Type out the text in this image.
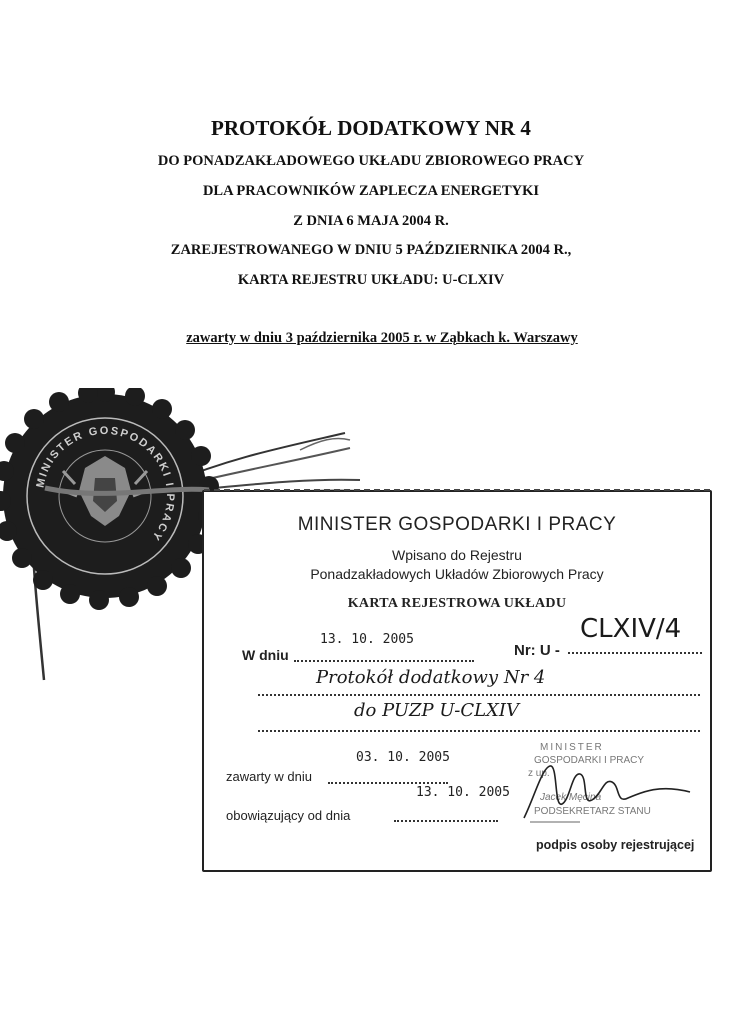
PROTOKÓŁ DODATKOWY NR 4
DO PONADZAKŁADOWEGO UKŁADU ZBIOROWEGO PRACY
DLA PRACOWNIKÓW ZAPLECZA ENERGETYKI
Z DNIA 6 MAJA 2004 R.
ZAREJESTROWANEGO W DNIU 5 PAŹDZIERNIKA 2004 R.,
KARTA REJESTRU UKŁADU: U-CLXIV
zawarty w dniu 3 października 2005 r. w Ząbkach k. Warszawy
MINISTER GOSPODARKI I PRACY
MINISTER GOSPODARKI I PRACY
Wpisano do Rejestru
Ponadzakładowych Układów Zbiorowych Pracy
KARTA REJESTROWA UKŁADU
W dniu
13. 10. 2005
Nr: U -
CLXIV/4
Protokół dodatkowy Nr 4
do PUZP U-CLXIV
03. 10. 2005
zawarty w dniu
13. 10. 2005
obowiązujący od dnia
MINISTER
GOSPODARKI I PRACY
z up.
Jacek Męcina
PODSEKRETARZ STANU
podpis osoby rejestrującej
